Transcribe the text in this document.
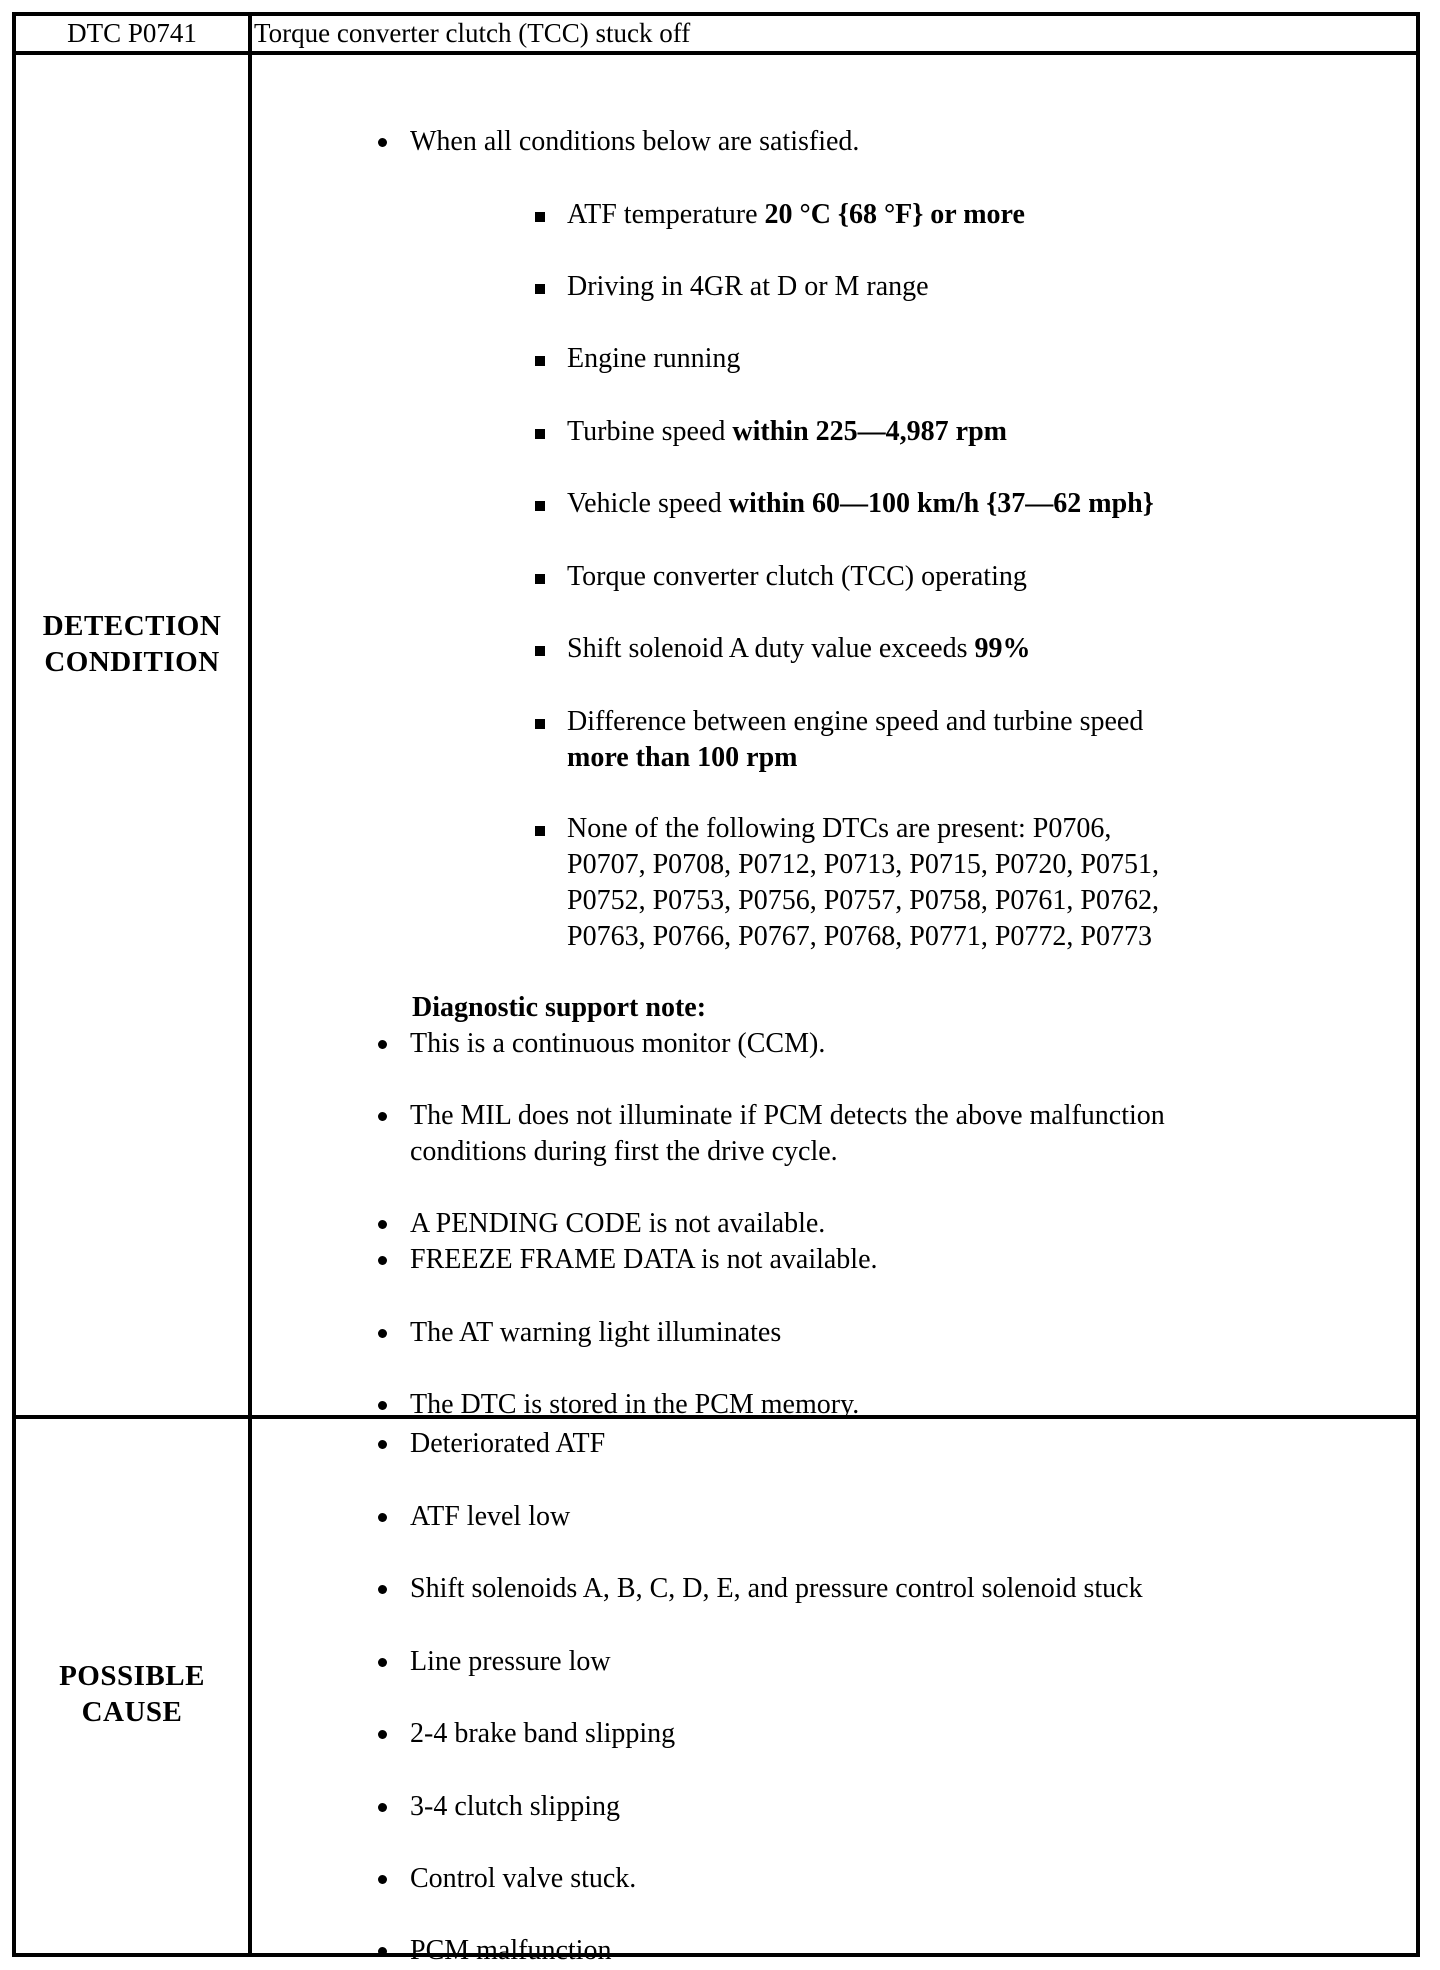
DTC P0741	Torque converter clutch (TCC) stuck off
DETECTION
CONDITION
When all conditions below are satisfied.
ATF temperature 20 °C {68 °F} or more
Driving in 4GR at D or M range
Engine running
Turbine speed within 225—4,987 rpm
Vehicle speed within 60—100 km/h {37—62 mph}
Torque converter clutch (TCC) operating
Shift solenoid A duty value exceeds 99%
Difference between engine speed and turbine speed
more than 100 rpm
None of the following DTCs are present: P0706,
P0707, P0708, P0712, P0713, P0715, P0720, P0751,
P0752, P0753, P0756, P0757, P0758, P0761, P0762,
P0763, P0766, P0767, P0768, P0771, P0772, P0773
Diagnostic support note:
This is a continuous monitor (CCM).
The MIL does not illuminate if PCM detects the above malfunction
conditions during first the drive cycle.
A PENDING CODE is not available.
FREEZE FRAME DATA is not available.
The AT warning light illuminates
The DTC is stored in the PCM memory.
POSSIBLE
CAUSE
Deteriorated ATF
ATF level low
Shift solenoids A, B, C, D, E, and pressure control solenoid stuck
Line pressure low
2-4 brake band slipping
3-4 clutch slipping
Control valve stuck.
PCM malfunction
